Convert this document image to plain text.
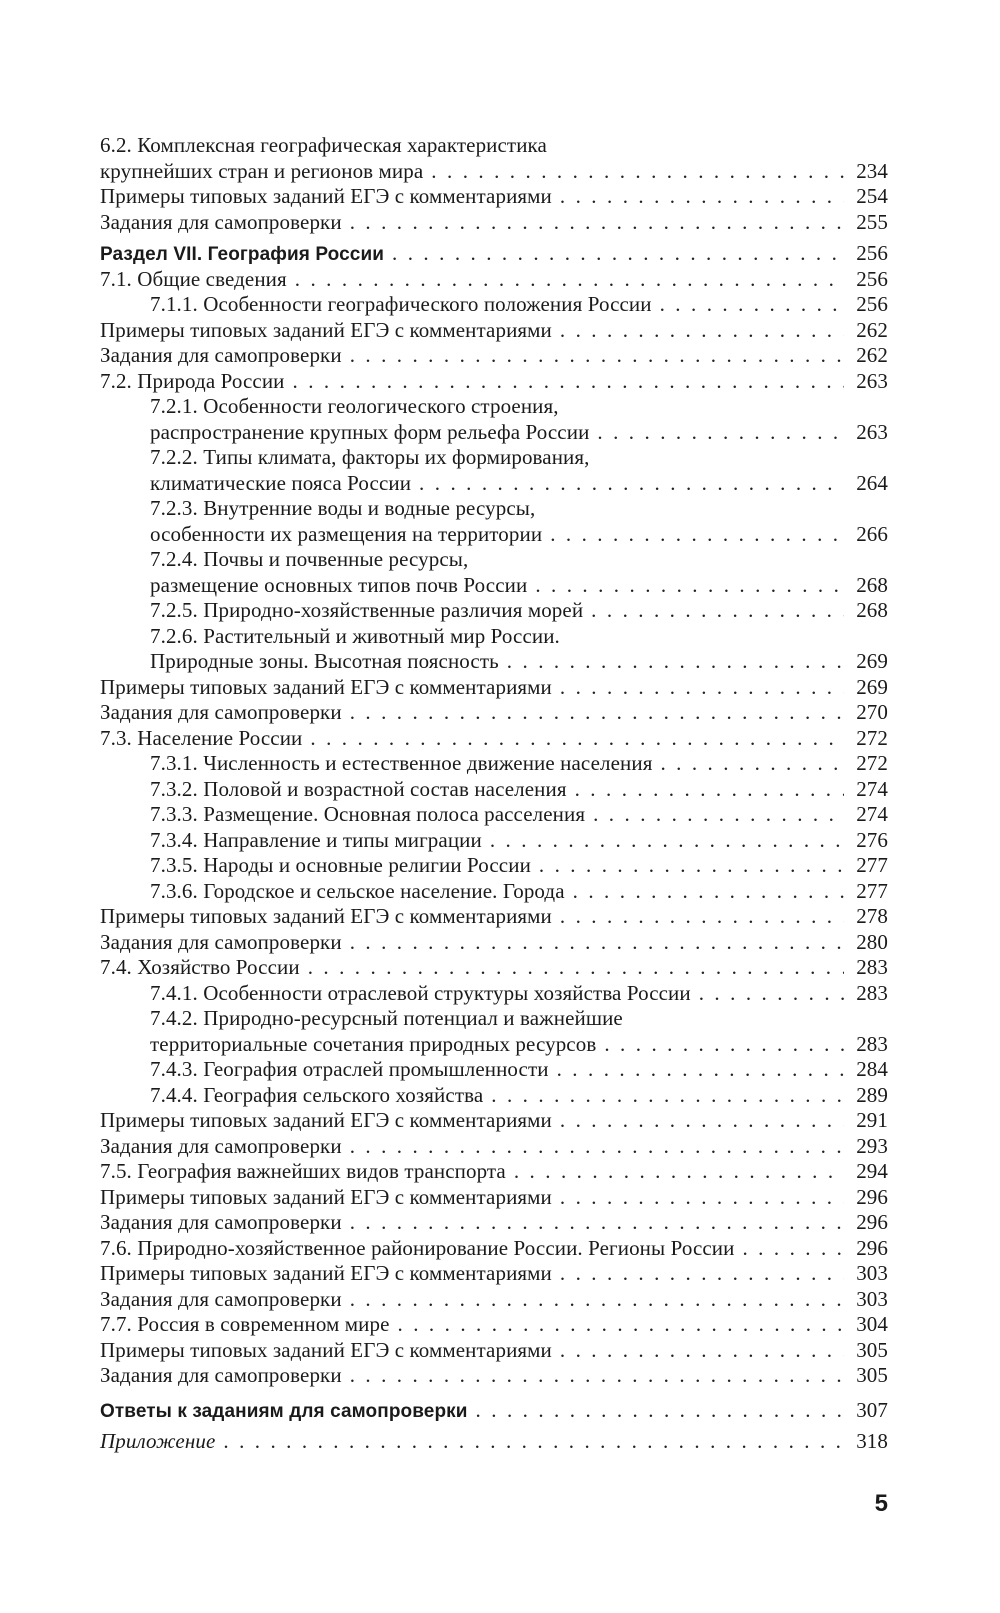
6.2. Комплексная географическая характеристика
крупнейших стран и регионов мира . . .	234
Примеры типовых заданий ЕГЭ с комментариями . . .	254
Задания для самопроверки . . .	255
Раздел VII. География России . . .	256
7.1. Общие сведения . . .	256
7.1.1. Особенности географического положения России . . .	256
Примеры типовых заданий ЕГЭ с комментариями . . .	262
Задания для самопроверки . . .	262
7.2. Природа России . . .	263
7.2.1. Особенности геологического строения,
распространение крупных форм рельефа России . . .	263
7.2.2. Типы климата, факторы их формирования,
климатические пояса России . . .	264
7.2.3. Внутренние воды и водные ресурсы,
особенности их размещения на территории . . .	266
7.2.4. Почвы и почвенные ресурсы,
размещение основных типов почв России . . .	268
7.2.5. Природно-хозяйственные различия морей . . .	268
7.2.6. Растительный и животный мир России.
Природные зоны. Высотная поясность . . .	269
Примеры типовых заданий ЕГЭ с комментариями . . .	269
Задания для самопроверки . . .	270
7.3. Население России . . .	272
7.3.1. Численность и естественное движение населения . . .	272
7.3.2. Половой и возрастной состав населения . . .	274
7.3.3. Размещение. Основная полоса расселения . . .	274
7.3.4. Направление и типы миграции . . .	276
7.3.5. Народы и основные религии России . . .	277
7.3.6. Городское и сельское население. Города . . .	277
Примеры типовых заданий ЕГЭ с комментариями . . .	278
Задания для самопроверки . . .	280
7.4. Хозяйство России . . .	283
7.4.1. Особенности отраслевой структуры хозяйства России . . .	283
7.4.2. Природно-ресурсный потенциал и важнейшие
территориальные сочетания природных ресурсов . . .	283
7.4.3. География отраслей промышленности . . .	284
7.4.4. География сельского хозяйства . . .	289
Примеры типовых заданий ЕГЭ с комментариями . . .	291
Задания для самопроверки . . .	293
7.5. География важнейших видов транспорта . . .	294
Примеры типовых заданий ЕГЭ с комментариями . . .	296
Задания для самопроверки . . .	296
7.6. Природно-хозяйственное районирование России. Регионы России . . .	296
Примеры типовых заданий ЕГЭ с комментариями . . .	303
Задания для самопроверки . . .	303
7.7. Россия в современном мире . . .	304
Примеры типовых заданий ЕГЭ с комментариями . . .	305
Задания для самопроверки . . .	305
Ответы к заданиям для самопроверки . . .	307
Приложение . . .	318
5
